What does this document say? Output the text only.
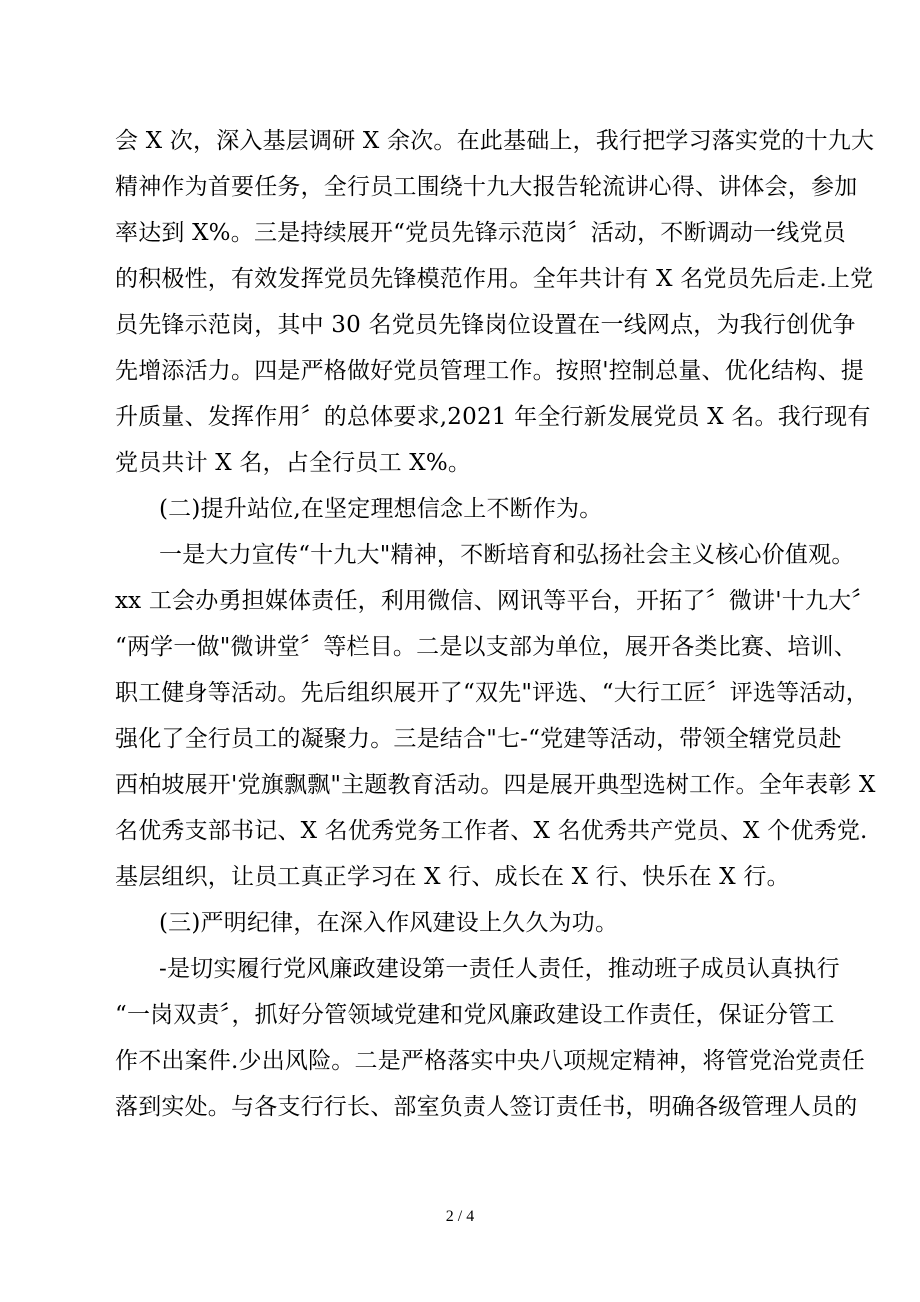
会 X 次，深入基层调研 X 余次。在此基础上，我行把学习落实党的十九大
精神作为首要任务，全行员工围绕十九大报告轮流讲心得、讲体会，参加
率达到 X%。三是持续展开“党员先锋示范岗〞活动，不断调动一线党员
的积极性，有效发挥党员先锋模范作用。全年共计有 X 名党员先后走.上党
员先锋示范岗，其中 30 名党员先锋岗位设置在一线网点，为我行创优争
先增添活力。四是严格做好党员管理工作。按照'控制总量、优化结构、提
升质量、发挥作用〞的总体要求,2021 年全行新发展党员 X 名。我行现有
党员共计 X 名，占全行员工 X%。
(二)提升站位,在坚定理想信念上不断作为。
一是大力宣传“十九大"精神，不断培育和弘扬社会主义核心价值观。
xx 工会办勇担媒体责任，利用微信、网讯等平台，开拓了〞微讲'十九大〞
“两学一做"微讲堂〞等栏目。二是以支部为单位，展开各类比赛、培训、
职工健身等活动。先后组织展开了“双先"评选、“大行工匠〞评选等活动，
强化了全行员工的凝聚力。三是结合"七-“党建等活动，带领全辖党员赴
西柏坡展开'党旗飘飘"主题教育活动。四是展开典型选树工作。全年表彰 X
名优秀支部书记、X 名优秀党务工作者、X 名优秀共产党员、X 个优秀党.
基层组织，让员工真正学习在 X 行、成长在 X 行、快乐在 X 行。
(三)严明纪律，在深入作风建设上久久为功。
-是切实履行党风廉政建设第一责任人责任，推动班子成员认真执行
“一岗双责〞，抓好分管领域党建和党风廉政建设工作责任，保证分管工
作不出案件.少出风险。二是严格落实中央八项规定精神，将管党治党责任
落到实处。与各支行行长、部室负责人签订责任书，明确各级管理人员的
2 / 4
